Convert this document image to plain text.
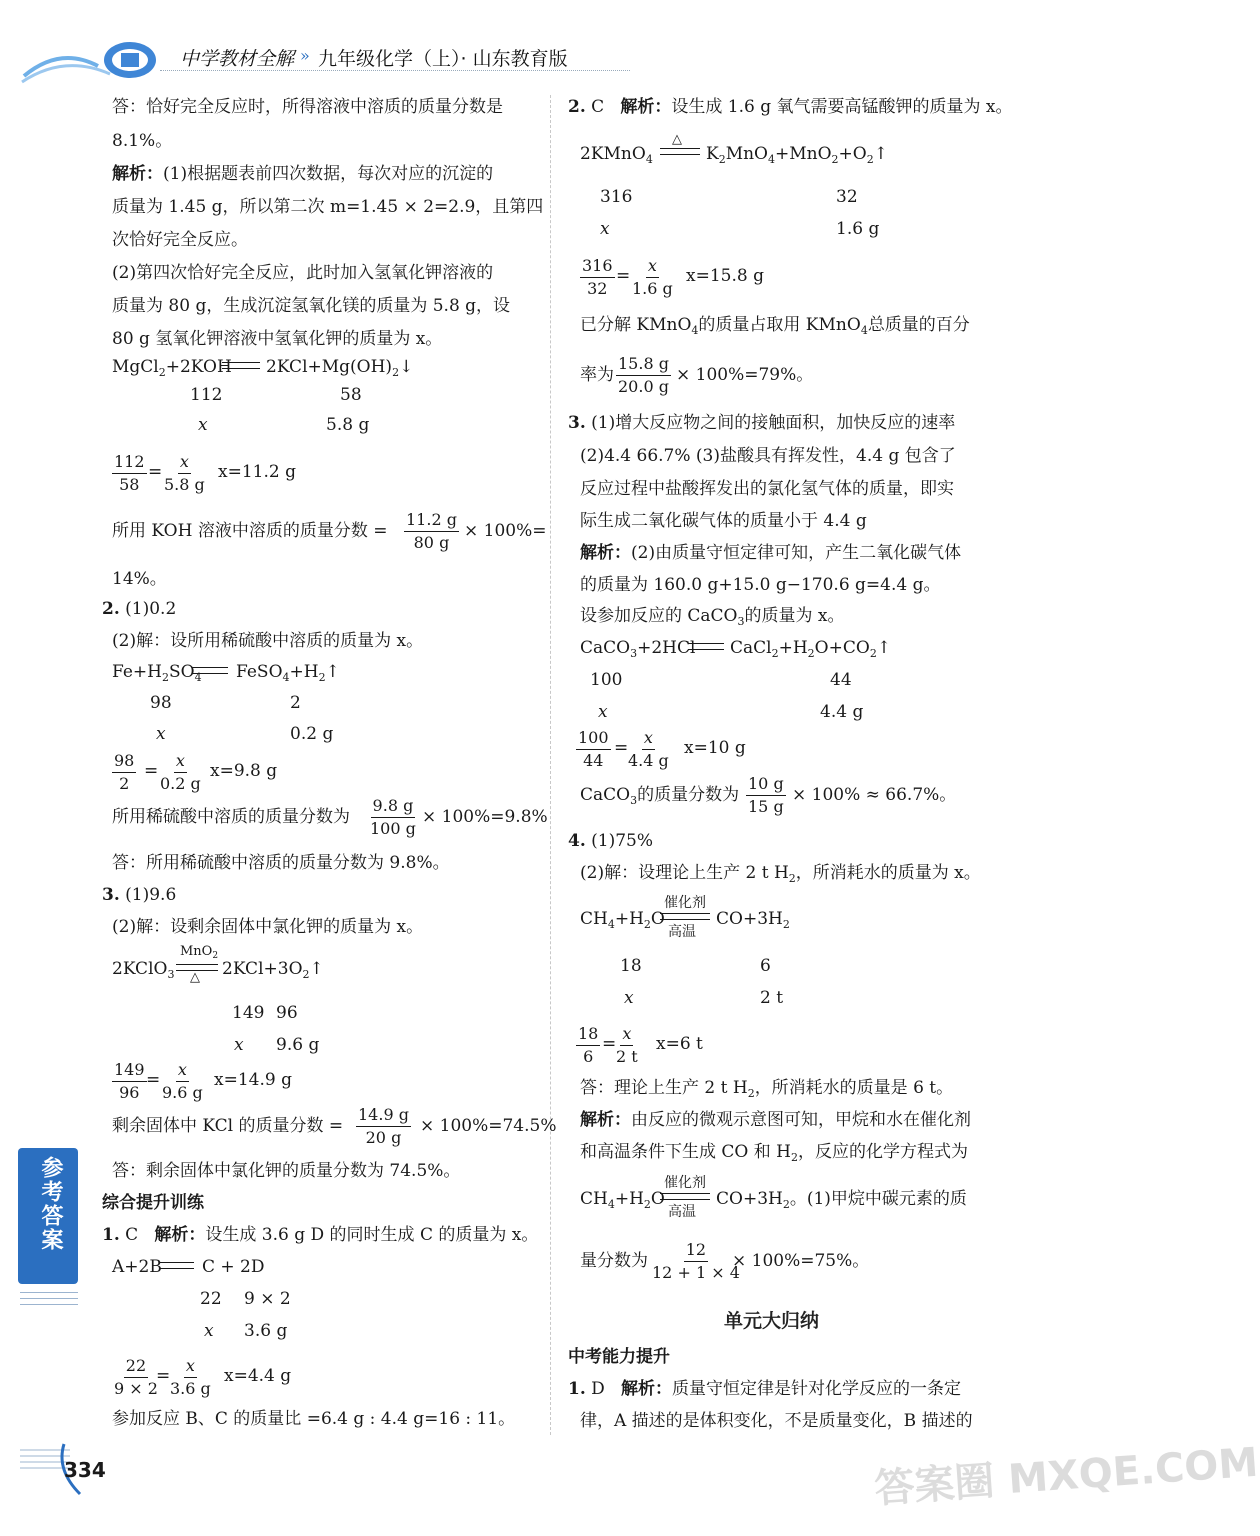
中学教材全解 » 九年级化学（上）· 山东教育版
答：恰好完全反应时，所得溶液中溶质的质量分数是
8.1%。
解析：(1)根据题表前四次数据，每次对应的沉淀的
质量为 1.45 g，所以第二次 m=1.45 × 2=2.9，且第四
次恰好完全反应。
(2)第四次恰好完全反应，此时加入氢氧化钾溶液的
质量为 80 g，生成沉淀氢氧化镁的质量为 5.8 g，设
80 g 氢氧化钾溶液中氢氧化钾的质量为 x。
MgCl$_2$+2KOH $2KCl+Mg(OH)_2↓$
112	58
x	5.8 g
$\frac{112}{58} = \frac{x}{5.8 g} x=11.2$ g
所用 KOH 溶液中溶质的质量分数 = $\frac{11.2 g}{80 g} \times 100\%=$
14%。
2. (1)0.2
(2)解：设所用稀硫酸中溶质的质量为 x。
$Fe+H_2SO_4$ $FeSO_4+H_2↑$
98	2
x	0.2 g
$\frac{98}{2} = \frac{x}{0.2 g} x=9.8$ g
所用稀硫酸中溶质的质量分数为 $\frac{9.8 g}{100 g} \times 100\%=9.8\%$
答：所用稀硫酸中溶质的质量分数为 9.8%。
3. (1)9.6
(2)解：设剩余固体中氯化钾的质量为 x。
2KClO$_3$
MnO$_2$
△ $2KCl+3O_2↑$
149 96
x 9.6 g
$\frac{149}{96} = \frac{x}{9.6 g} x=14.9$ g
剩余固体中 KCl 的质量分数 = $\frac{14.9 g}{20 g} \times 100\%=74.5\%$
答：剩余固体中氯化钾的质量分数为 74.5%。
综合提升训练
1. C 解析：设生成 3.6 g D 的同时生成 C 的质量为 x。
A+2B C + 2D
22 9 × 2
x 3.6 g
$\frac{22}{9 \times 2}$
=
$\frac{x}{3.6 g} x=4.4$ g
参加反应 B、C 的质量比 =6.4 g : 4.4 g=16 : 11。
参考答案
334
2. C 解析：设生成 1.6 g 氧气需要高锰酸钾的质量为 x。
2KMnO$_4$
△
$K_2MnO_4+MnO_2+O_2↑$
316	32
x	1.6 g
$\frac{316}{32} = \frac{x}{1.6 g} x=15.8$ g
已分解 KMnO$_4$的质量占取用 KMnO$_4$总质量的百分
率为 $\frac{15.8 g}{20.0 g} \times 100\%=79\%$。
3. (1)增大反应物之间的接触面积，加快反应的速率
(2)4.4 66.7% (3)盐酸具有挥发性，4.4 g 包含了
反应过程中盐酸挥发出的氯化氢气体的质量，即实
际生成二氧化碳气体的质量小于 4.4 g
解析：(2)由质量守恒定律可知，产生二氧化碳气体
的质量为 160.0 g+15.0 g−170.6 g=4.4 g。
设参加反应的 CaCO$_3$的质量为 x。
CaCO$_3$+2HCl $CaCl_2+H_2O+CO_2↑$
100	44
x	4.4 g
$\frac{100}{44}$ =
$\frac{x}{4.4 g} x=10$ g
CaCO$_3$的质量分数为 $\frac{10 g}{15 g} \times 100\% \approx 66.7\%$。
4. (1)75%
(2)解：设理论上生产 2 t $H_2$，所消耗水的质量为 x。
$CH_4+H_2O$
催化剂
高温
$CO+3H_2$
18	6
x	2 t
$\frac{18}{6}$ =
$\frac{x}{2 t} x=6$ t
答：理论上生产 2 t $H_2$，所消耗水的质量是 6 t。
解析：由反应的微观示意图可知，甲烷和水在催化剂
和高温条件下生成 CO 和 $H_2$，反应的化学方程式为
$CH_4+H_2O$
催化剂
高温
$CO+3H_2$。(1)甲烷中碳元素的质
量分数为 $\frac{12}{12 + 1 \times 4}$
× 100%=75%。
单元大归纳
中考能力提升
1. D 解析：质量守恒定律是针对化学反应的一条定
律，A 描述的是体积变化，不是质量变化，B 描述的
答案圈 MXQE.COM
